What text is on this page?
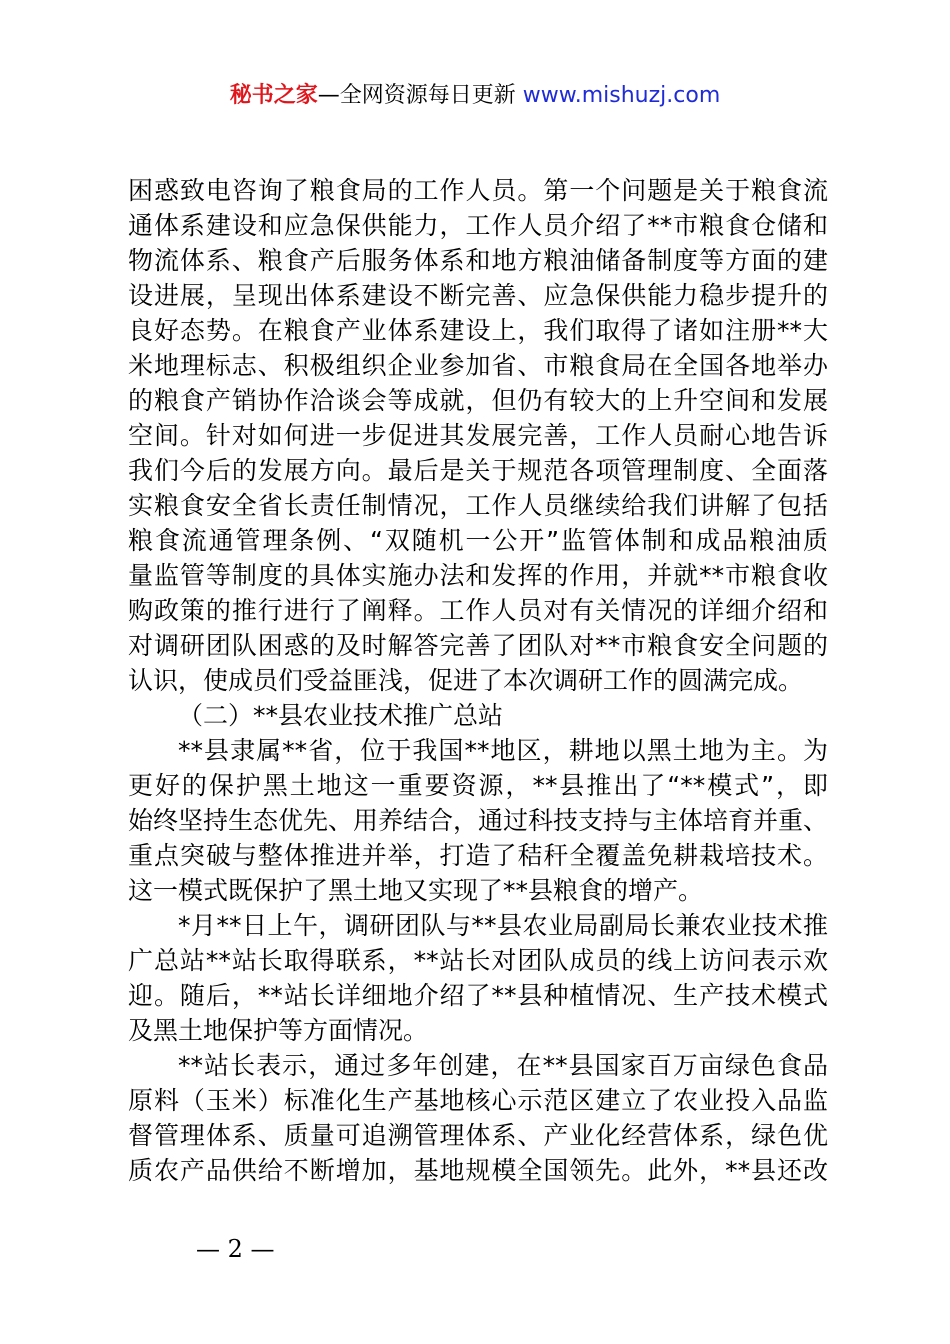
秘书之家—全网资源每日更新 www.mishuzj.com
困惑致电咨询了粮食局的工作人员。第一个问题是关于粮食流
通体系建设和应急保供能力，工作人员介绍了**市粮食仓储和
物流体系、粮食产后服务体系和地方粮油储备制度等方面的建
设进展，呈现出体系建设不断完善、应急保供能力稳步提升的
良好态势。在粮食产业体系建设上，我们取得了诸如注册**大
米地理标志、积极组织企业参加省、市粮食局在全国各地举办
的粮食产销协作洽谈会等成就，但仍有较大的上升空间和发展
空间。针对如何进一步促进其发展完善，工作人员耐心地告诉
我们今后的发展方向。最后是关于规范各项管理制度、全面落
实粮食安全省长责任制情况，工作人员继续给我们讲解了包括
粮食流通管理条例、“双随机一公开”监管体制和成品粮油质
量监管等制度的具体实施办法和发挥的作用，并就**市粮食收
购政策的推行进行了阐释。工作人员对有关情况的详细介绍和
对调研团队困惑的及时解答完善了团队对**市粮食安全问题的
认识，使成员们受益匪浅，促进了本次调研工作的圆满完成。
（二）**县农业技术推广总站
**县隶属**省，位于我国**地区，耕地以黑土地为主。为
更好的保护黑土地这一重要资源，**县推出了“**模式”，即
始终坚持生态优先、用养结合，通过科技支持与主体培育并重、
重点突破与整体推进并举，打造了秸秆全覆盖免耕栽培技术。
这一模式既保护了黑土地又实现了**县粮食的增产。
*月**日上午，调研团队与**县农业局副局长兼农业技术推
广总站**站长取得联系，**站长对团队成员的线上访问表示欢
迎。随后，**站长详细地介绍了**县种植情况、生产技术模式
及黑土地保护等方面情况。
**站长表示，通过多年创建，在**县国家百万亩绿色食品
原料（玉米）标准化生产基地核心示范区建立了农业投入品监
督管理体系、质量可追溯管理体系、产业化经营体系，绿色优
质农产品供给不断增加，基地规模全国领先。此外，**县还改
— 2 —
